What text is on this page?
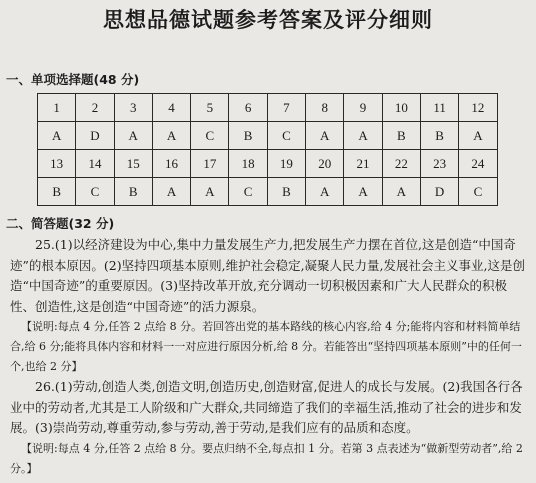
思想品德试题参考答案及评分细则
一、单项选择题(48 分)
1	2	3	4	5	6	7	8	9	10	11	12
A	D	A	A	C	B	C	A	A	B	B	A
13	14	15	16	17	18	19	20	21	22	23	24
B	C	B	A	A	C	B	A	A	A	D	C
二、简答题(32 分)

25.(1)以经济建设为中心,集中力量发展生产力,把发展生产力摆在首位,这是创造“中国奇迹”的根本原因。(2)坚持四项基本原则,维护社会稳定,凝聚人民力量,发展社会主义事业,这是创造“中国奇迹”的重要原因。(3)坚持改革开放,充分调动一切积极因素和广大人民群众的积极性、创造性,这是创造“中国奇迹”的活力源泉。

【说明:每点 4 分,任答 2 点给 8 分。若回答出党的基本路线的核心内容,给 4 分;能将内容和材料简单结合,给 6 分;能将具体内容和材料一一对应进行原因分析,给 8 分。若能答出“坚持四项基本原则”中的任何一个,也给 2 分】

26.(1)劳动,创造人类,创造文明,创造历史,创造财富,促进人的成长与发展。(2)我国各行各业中的劳动者,尤其是工人阶级和广大群众,共同缔造了我们的幸福生活,推动了社会的进步和发展。(3)崇尚劳动,尊重劳动,参与劳动,善于劳动,是我们应有的品质和态度。

【说明:每点 4 分,任答 2 点给 8 分。要点归纳不全,每点扣 1 分。若第 3 点表述为“做新型劳动者”,给 2 分。】
